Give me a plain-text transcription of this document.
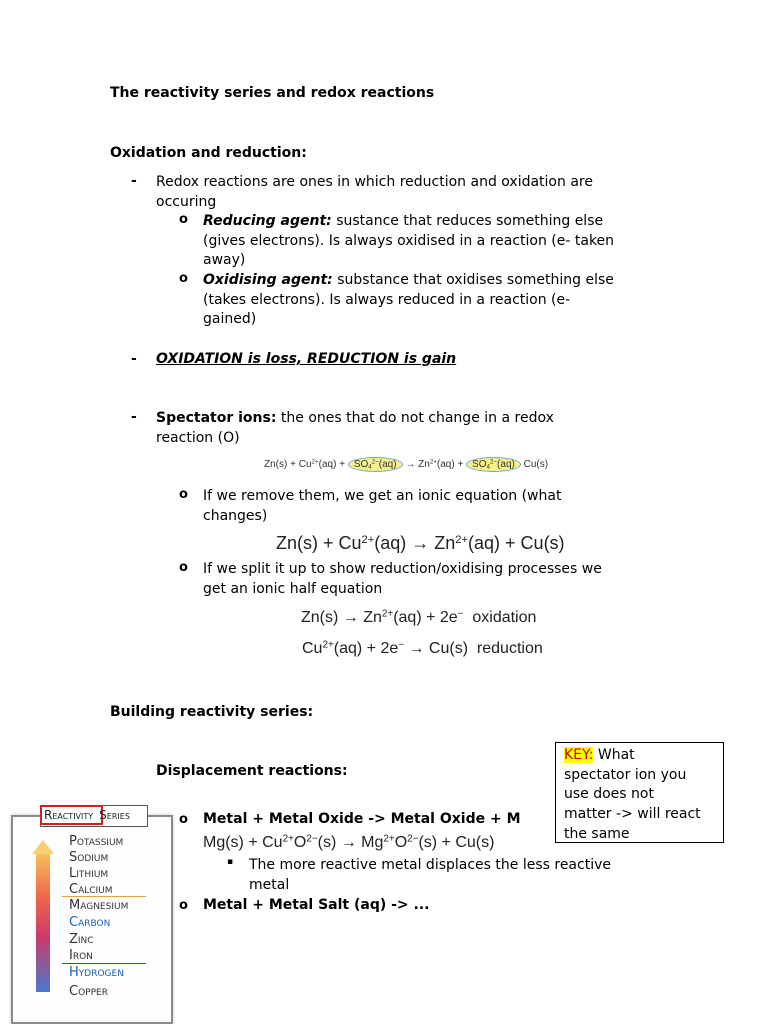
The reactivity series and redox reactions
Oxidation and reduction:
- Redox reactions are ones in which reduction and oxidation are
occuring
o Reducing agent: sustance that reduces something else
(gives electrons). Is always oxidised in a reaction (e- taken
away)
o Oxidising agent: substance that oxidises something else
(takes electrons). Is always reduced in a reaction (e-
gained)
- OXIDATION is loss, REDUCTION is gain
- Spectator ions: the ones that do not change in a redox
reaction (O)
$Zn(s) + Cu^{2+}(aq) + SO_4^{2-}(aq) \to Zn^{2+}(aq) + SO_4^{2-}(aq)$ Cu(s)
o If we remove them, we get an ionic equation (what
changes)
$Zn(s) + Cu^{2+}(aq) \to Zn^{2+}(aq) + Cu(s)$
o If we split it up to show reduction/oxidising processes we
get an ionic half equation
$Zn(s) \to Zn^{2+}(aq) + 2e^-$ oxidation
$Cu^{2+}(aq) + 2e^- \to Cu(s)$ reduction
Building reactivity series:
Displacement reactions:
o Metal + Metal Oxide -> Metal Oxide + M
$Mg(s) + Cu^{2+}O^{2-}(s) \to Mg^{2+}O^{2-}(s) + Cu(s)$
▪ The more reactive metal displaces the less reactive
metal
o Metal + Metal Salt (aq) -> ...
KEY: What
spectator ion you
use does not
matter -> will react
the same
Reactivity Series
Potassium
Sodium
Lithium
Calcium
Magnesium
Carbon
Zinc
Iron
Hydrogen
Copper
